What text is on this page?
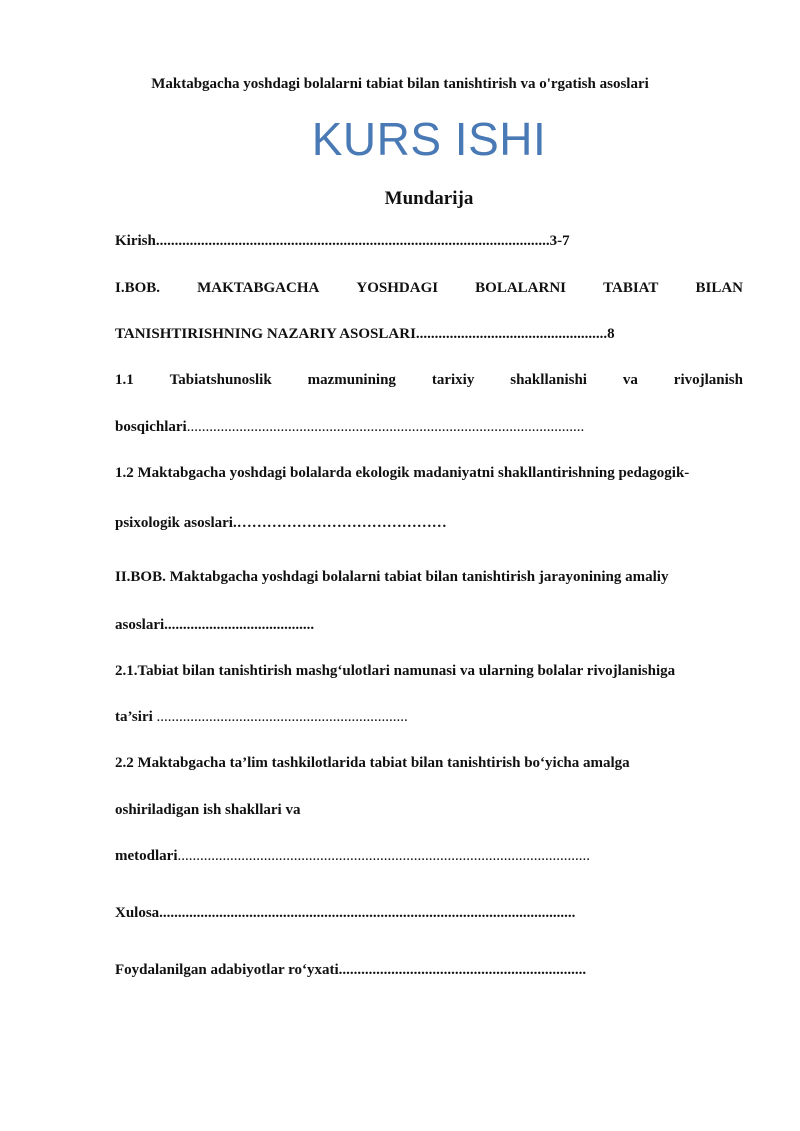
Maktabgacha yoshdagi bolalarni tabiat bilan tanishtirish va o'rgatish asoslari
KURS ISHI
Mundarija
Kirish.........................................................................................................3-7
I.BOB. MAKTABGACHA YOSHDAGI BOLALARNI TABIAT BILAN
TANISHTIRISHNING NAZARIY ASOSLARI...................................................8
1.1 Tabiatshunoslik mazmunining tarixiy shakllanishi va rivojlanish
bosqichlari..........................................................................................................
1.2 Maktabgacha yoshdagi bolalarda ekologik madaniyatni shakllantirishning pedagogik-
psixologik asoslari.……………………………………
II.BOB. Maktabgacha yoshdagi bolalarni tabiat bilan tanishtirish jarayonining amaliy
asoslari........................................
2.1.Tabiat bilan tanishtirish mashg‘ulotlari namunasi va ularning bolalar rivojlanishiga
ta’siri ...................................................................
2.2 Maktabgacha ta’lim tashkilotlarida tabiat bilan tanishtirish bo‘yicha amalga
oshiriladigan ish shakllari va
metodlari..............................................................................................................
Xulosa...............................................................................................................
Foydalanilgan adabiyotlar ro‘yxati..................................................................
